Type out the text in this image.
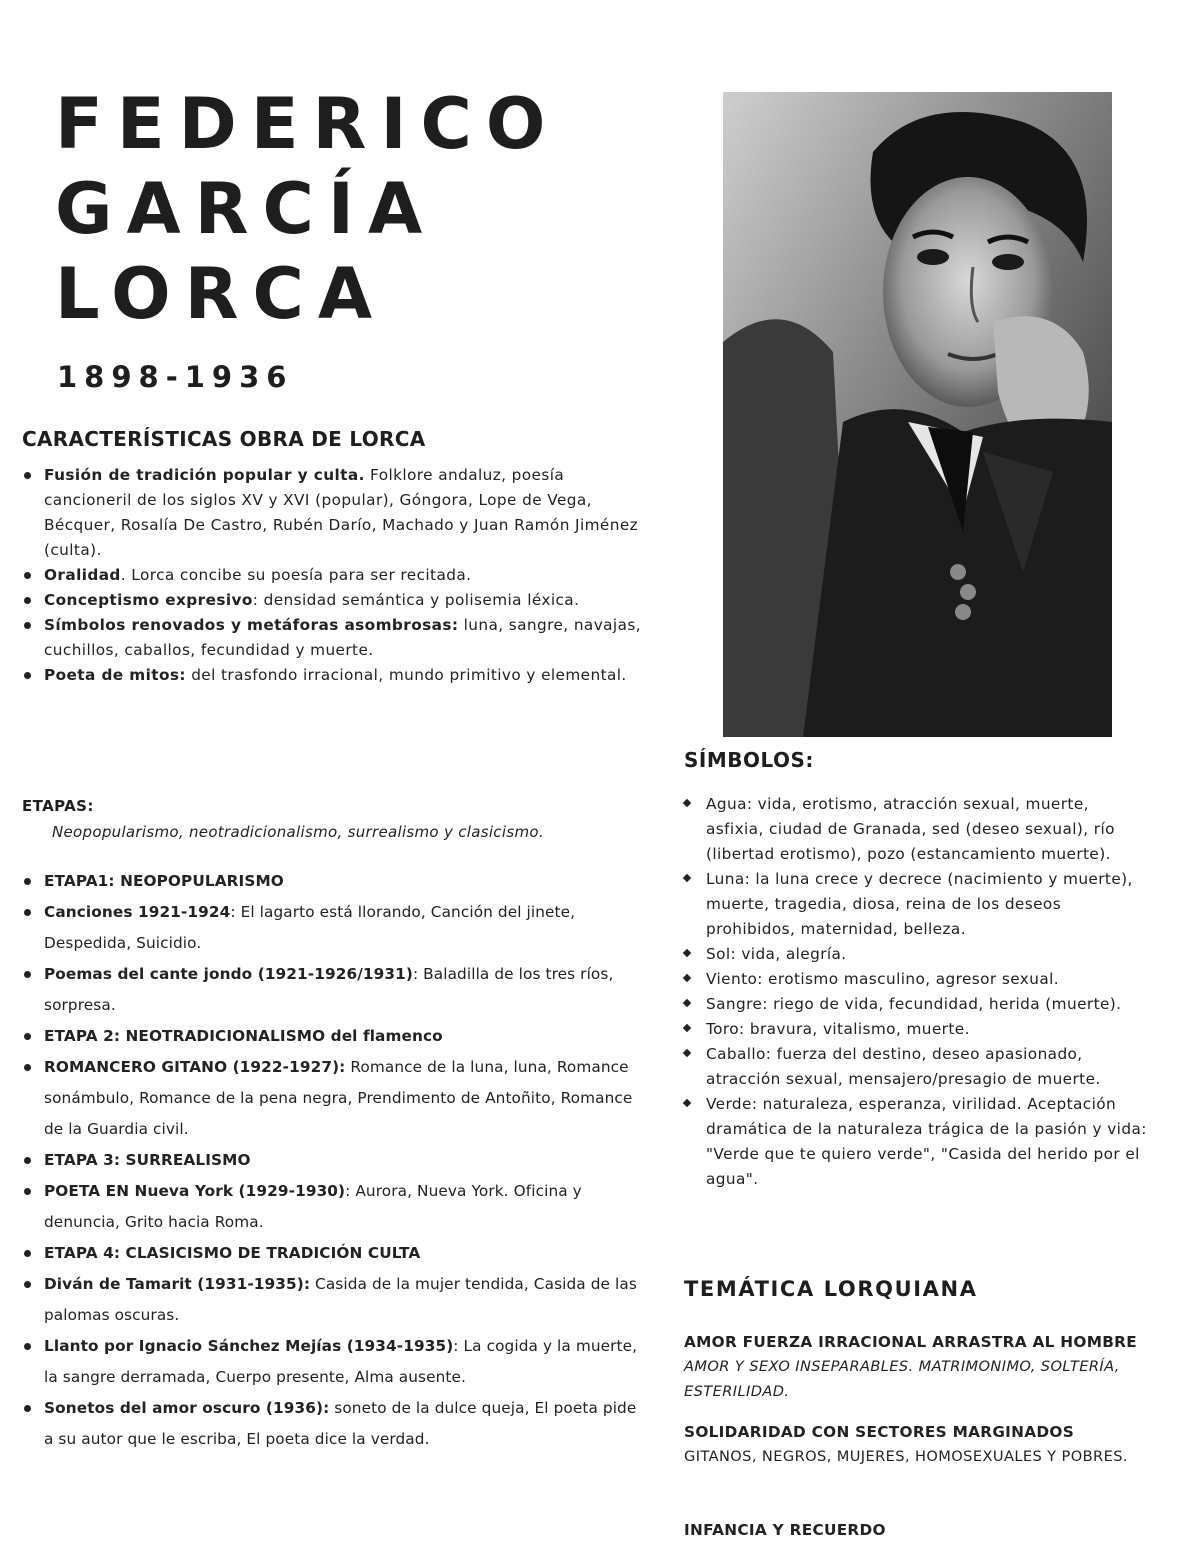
FEDERICO
GARCÍA
LORCA
1898-1936
CARACTERÍSTICAS OBRA DE LORCA
Fusión de tradición popular y culta. Folklore andaluz, poesía cancioneril de los siglos XV y XVI (popular), Góngora, Lope de Vega, Bécquer, Rosalía De Castro, Rubén Darío, Machado y Juan Ramón Jiménez (culta).
Oralidad. Lorca concibe su poesía para ser recitada.
Conceptismo expresivo: densidad semántica y polisemia léxica.
Símbolos renovados y metáforas asombrosas: luna, sangre, navajas, cuchillos, caballos, fecundidad y muerte.
Poeta de mitos: del trasfondo irracional, mundo primitivo y elemental.
ETAPAS:
Neopopularismo, neotradicionalismo, surrealismo y clasicismo.
ETAPA1: NEOPOPULARISMO
Canciones 1921-1924: El lagarto está llorando, Canción del jinete, Despedida, Suicidio.
Poemas del cante jondo (1921-1926/1931): Baladilla de los tres ríos, sorpresa.
ETAPA 2: NEOTRADICIONALISMO del flamenco
ROMANCERO GITANO (1922-1927): Romance de la luna, luna, Romance sonámbulo, Romance de la pena negra, Prendimento de Antoñito, Romance de la Guardia civil.
ETAPA 3: SURREALISMO
POETA EN Nueva York (1929-1930): Aurora, Nueva York. Oficina y denuncia, Grito hacia Roma.
ETAPA 4: CLASICISMO DE TRADICIÓN CULTA
Diván de Tamarit (1931-1935): Casida de la mujer tendida, Casida de las palomas oscuras.
Llanto por Ignacio Sánchez Mejías (1934-1935): La cogida y la muerte, la sangre derramada, Cuerpo presente, Alma ausente.
Sonetos del amor oscuro (1936): soneto de la dulce queja, El poeta pide a su autor que le escriba, El poeta dice la verdad.
SÍMBOLOS:
Agua: vida, erotismo, atracción sexual, muerte, asfixia, ciudad de Granada, sed (deseo sexual), río (libertad erotismo), pozo (estancamiento muerte).
Luna: la luna crece y decrece (nacimiento y muerte), muerte, tragedia, diosa, reina de los deseos prohibidos, maternidad, belleza.
Sol: vida, alegría.
Viento: erotismo masculino, agresor sexual.
Sangre: riego de vida, fecundidad, herida (muerte).
Toro: bravura, vitalismo, muerte.
Caballo: fuerza del destino, deseo apasionado, atracción sexual, mensajero/presagio de muerte.
Verde: naturaleza, esperanza, virilidad. Aceptación dramática de la naturaleza trágica de la pasión y vida: "Verde que te quiero verde", "Casida del herido por el agua".
TEMÁTICA LORQUIANA
AMOR FUERZA IRRACIONAL ARRASTRA AL HOMBRE
AMOR Y SEXO INSEPARABLES. MATRIMONIMO, SOLTERÍA, ESTERILIDAD.
SOLIDARIDAD CON SECTORES MARGINADOS
GITANOS, NEGROS, MUJERES, HOMOSEXUALES Y POBRES.
INFANCIA Y RECUERDO
